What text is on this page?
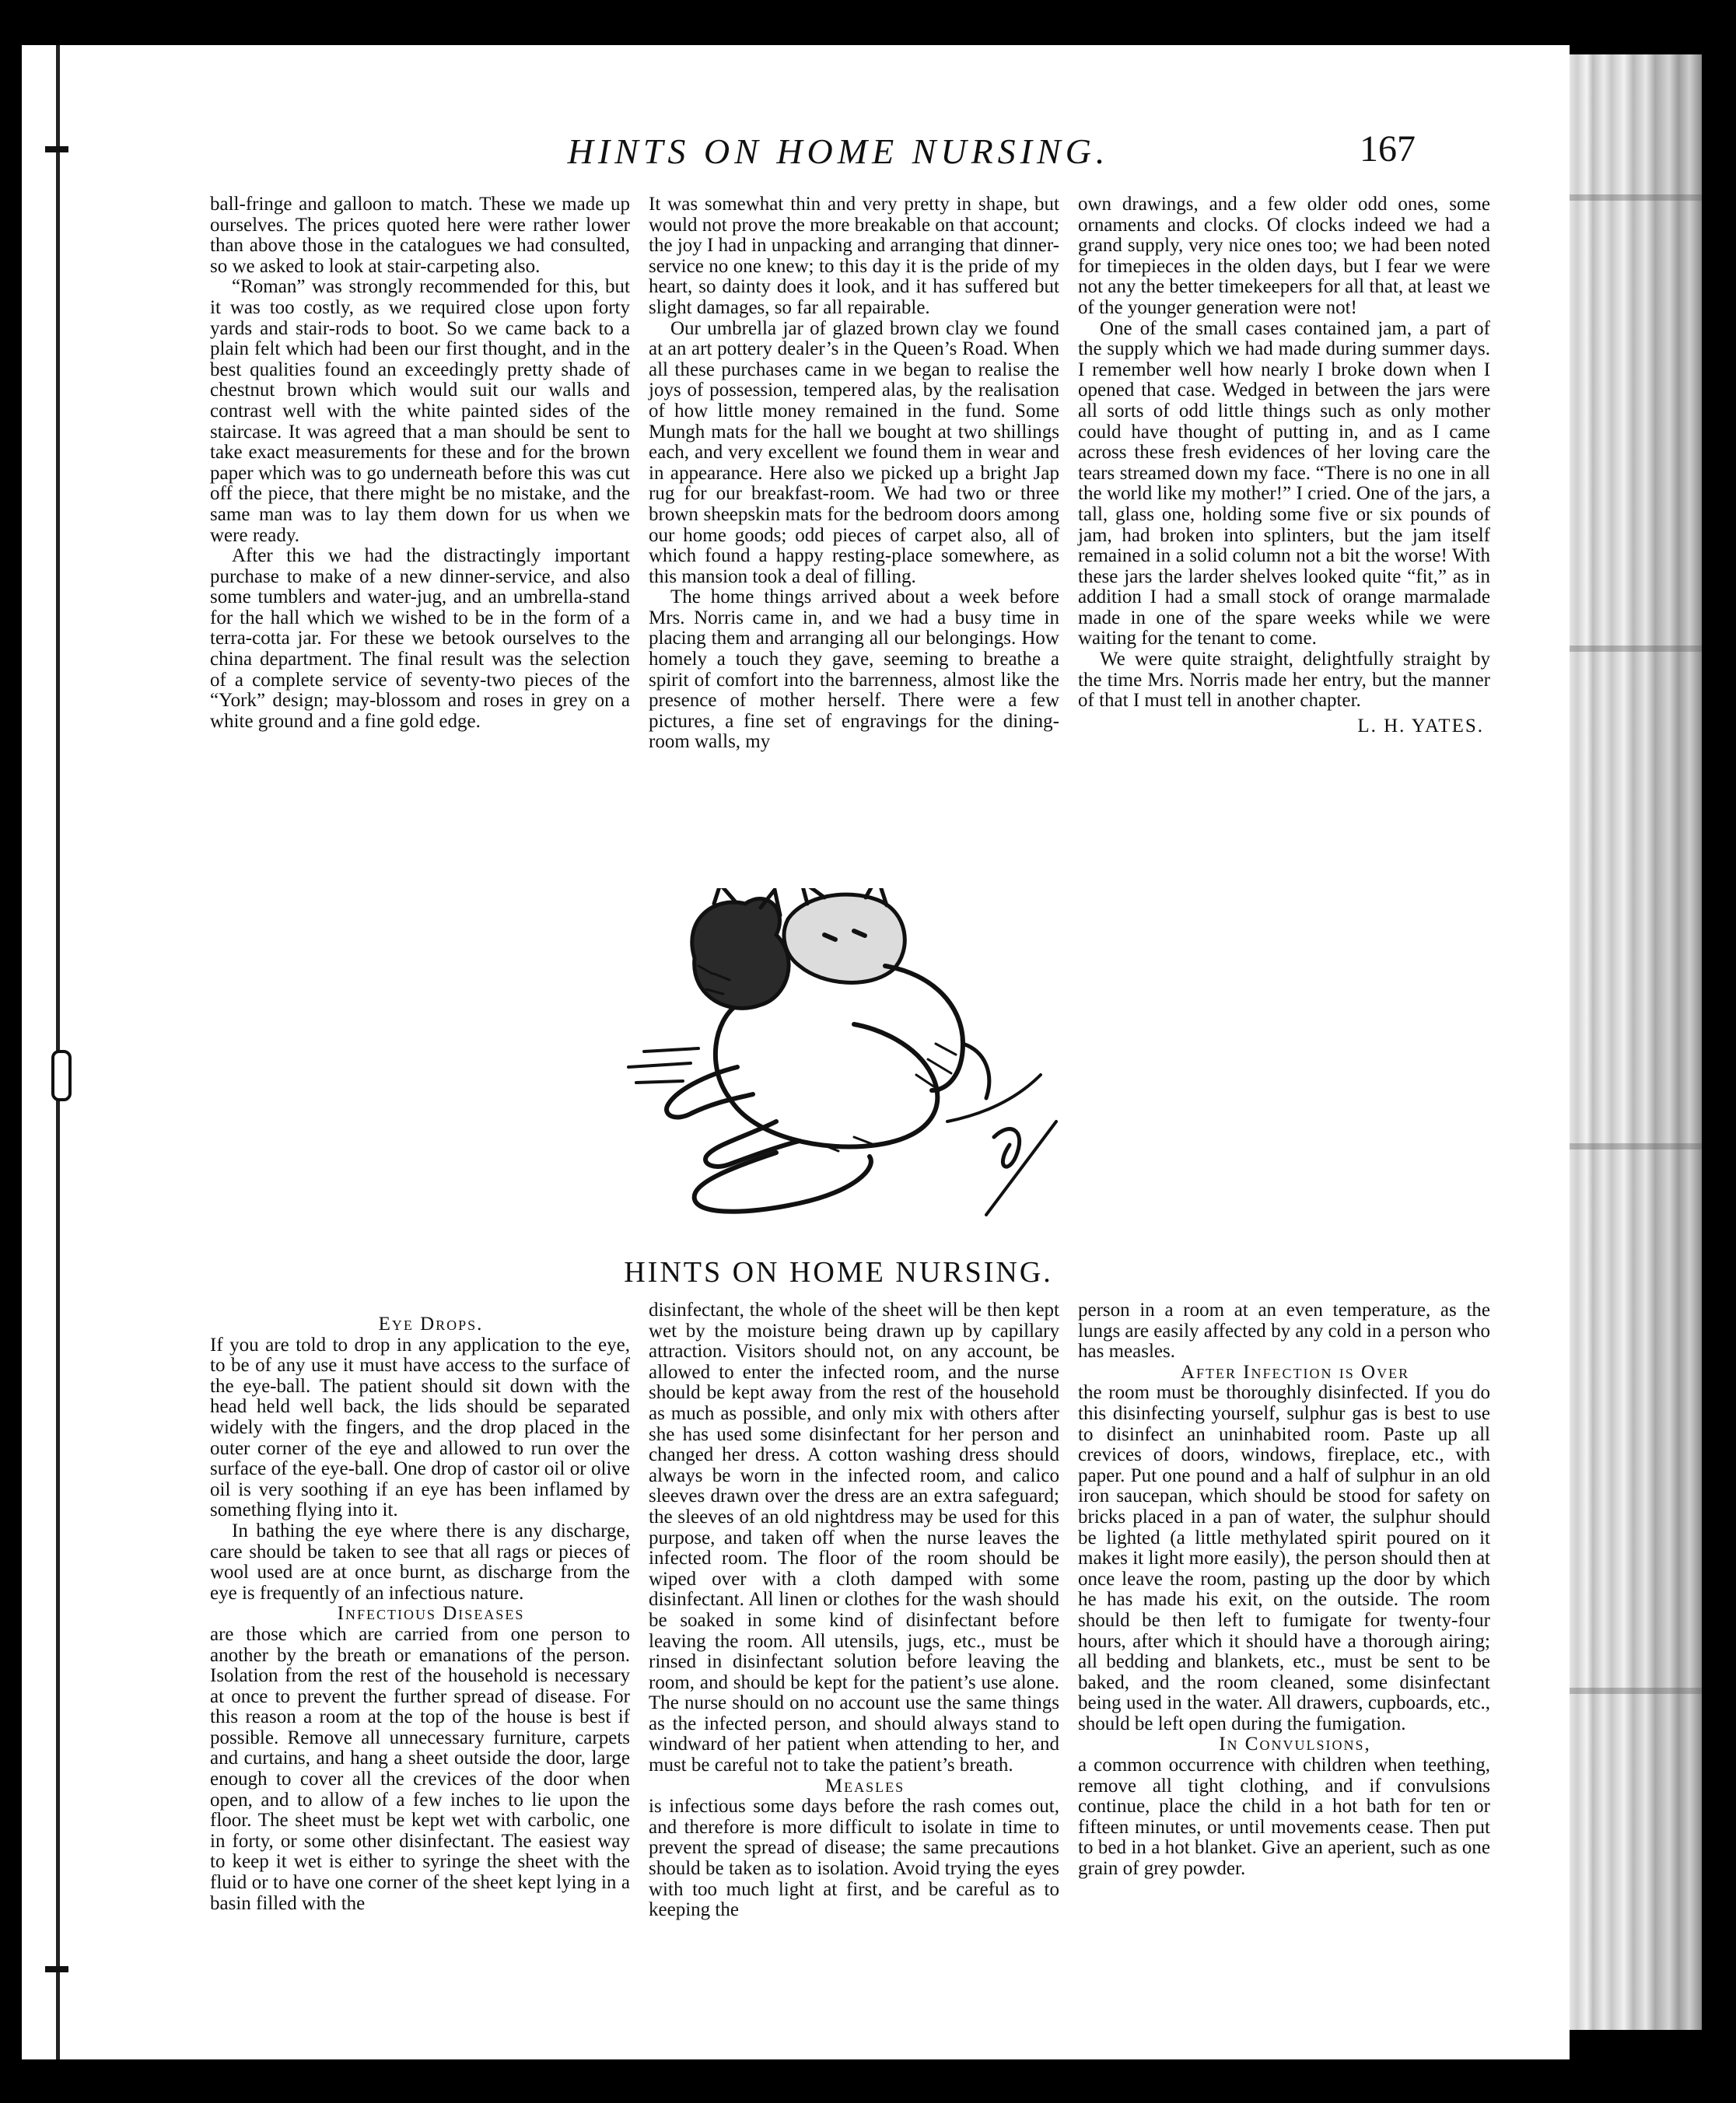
HINTS ON HOME NURSING.	167

ball-fringe and galloon to match. These we made up ourselves. The prices quoted here were rather lower than above those in the catalogues we had consulted, so we asked to look at stair-carpeting also.

“Roman” was strongly recommended for this, but it was too costly, as we required close upon forty yards and stair-rods to boot. So we came back to a plain felt which had been our first thought, and in the best qualities found an exceedingly pretty shade of chestnut brown which would suit our walls and contrast well with the white painted sides of the staircase. It was agreed that a man should be sent to take exact measurements for these and for the brown paper which was to go underneath before this was cut off the piece, that there might be no mistake, and the same man was to lay them down for us when we were ready.

After this we had the distractingly important purchase to make of a new dinner-service, and also some tumblers and water-jug, and an umbrella-stand for the hall which we wished to be in the form of a terra-cotta jar. For these we betook ourselves to the china department. The final result was the selection of a complete service of seventy-two pieces of the “York” design; may-blossom and roses in grey on a white ground and a fine gold edge.

It was somewhat thin and very pretty in shape, but would not prove the more breakable on that account; the joy I had in unpacking and arranging that dinner-service no one knew; to this day it is the pride of my heart, so dainty does it look, and it has suffered but slight damages, so far all repairable.

Our umbrella jar of glazed brown clay we found at an art pottery dealer’s in the Queen’s Road. When all these purchases came in we began to realise the joys of possession, tempered alas, by the realisation of how little money remained in the fund. Some Mungh mats for the hall we bought at two shillings each, and very excellent we found them in wear and in appearance. Here also we picked up a bright Jap rug for our breakfast-room. We had two or three brown sheepskin mats for the bedroom doors among our home goods; odd pieces of carpet also, all of which found a happy resting-place somewhere, as this mansion took a deal of filling.

The home things arrived about a week before Mrs. Norris came in, and we had a busy time in placing them and arranging all our belongings. How homely a touch they gave, seeming to breathe a spirit of comfort into the barrenness, almost like the presence of mother herself. There were a few pictures, a fine set of engravings for the dining-room walls, my

own drawings, and a few older odd ones, some ornaments and clocks. Of clocks indeed we had a grand supply, very nice ones too; we had been noted for timepieces in the olden days, but I fear we were not any the better timekeepers for all that, at least we of the younger generation were not!

One of the small cases contained jam, a part of the supply which we had made during summer days. I remember well how nearly I broke down when I opened that case. Wedged in between the jars were all sorts of odd little things such as only mother could have thought of putting in, and as I came across these fresh evidences of her loving care the tears streamed down my face. “There is no one in all the world like my mother!” I cried. One of the jars, a tall, glass one, holding some five or six pounds of jam, had broken into splinters, but the jam itself remained in a solid column not a bit the worse! With these jars the larder shelves looked quite “fit,” as in addition I had a small stock of orange marmalade made in one of the spare weeks while we were waiting for the tenant to come.

We were quite straight, delightfully straight by the time Mrs. Norris made her entry, but the manner of that I must tell in another chapter.

L. H. YATES.

HINTS ON HOME NURSING.

Eye Drops.

If you are told to drop in any application to the eye, to be of any use it must have access to the surface of the eye-ball. The patient should sit down with the head held well back, the lids should be separated widely with the fingers, and the drop placed in the outer corner of the eye and allowed to run over the surface of the eye-ball. One drop of castor oil or olive oil is very soothing if an eye has been inflamed by something flying into it.

In bathing the eye where there is any discharge, care should be taken to see that all rags or pieces of wool used are at once burnt, as discharge from the eye is frequently of an infectious nature.

Infectious Diseases

are those which are carried from one person to another by the breath or emanations of the person. Isolation from the rest of the household is necessary at once to prevent the further spread of disease. For this reason a room at the top of the house is best if possible. Remove all unnecessary furniture, carpets and curtains, and hang a sheet outside the door, large enough to cover all the crevices of the door when open, and to allow of a few inches to lie upon the floor. The sheet must be kept wet with carbolic, one in forty, or some other disinfectant. The easiest way to keep it wet is either to syringe the sheet with the fluid or to have one corner of the sheet kept lying in a basin filled with the

disinfectant, the whole of the sheet will be then kept wet by the moisture being drawn up by capillary attraction. Visitors should not, on any account, be allowed to enter the infected room, and the nurse should be kept away from the rest of the household as much as possible, and only mix with others after she has used some disinfectant for her person and changed her dress. A cotton washing dress should always be worn in the infected room, and calico sleeves drawn over the dress are an extra safeguard; the sleeves of an old nightdress may be used for this purpose, and taken off when the nurse leaves the infected room. The floor of the room should be wiped over with a cloth damped with some disinfectant. All linen or clothes for the wash should be soaked in some kind of disinfectant before leaving the room. All utensils, jugs, etc., must be rinsed in disinfectant solution before leaving the room, and should be kept for the patient’s use alone. The nurse should on no account use the same things as the infected person, and should always stand to windward of her patient when attending to her, and must be careful not to take the patient’s breath.

Measles

is infectious some days before the rash comes out, and therefore is more difficult to isolate in time to prevent the spread of disease; the same precautions should be taken as to isolation. Avoid trying the eyes with too much light at first, and be careful as to keeping the

person in a room at an even temperature, as the lungs are easily affected by any cold in a person who has measles.

After Infection is Over

the room must be thoroughly disinfected. If you do this disinfecting yourself, sulphur gas is best to use to disinfect an uninhabited room. Paste up all crevices of doors, windows, fireplace, etc., with paper. Put one pound and a half of sulphur in an old iron saucepan, which should be stood for safety on bricks placed in a pan of water, the sulphur should be lighted (a little methylated spirit poured on it makes it light more easily), the person should then at once leave the room, pasting up the door by which he has made his exit, on the outside. The room should be then left to fumigate for twenty-four hours, after which it should have a thorough airing; all bedding and blankets, etc., must be sent to be baked, and the room cleaned, some disinfectant being used in the water. All drawers, cupboards, etc., should be left open during the fumigation.

In Convulsions,

a common occurrence with children when teething, remove all tight clothing, and if convulsions continue, place the child in a hot bath for ten or fifteen minutes, or until movements cease. Then put to bed in a hot blanket. Give an aperient, such as one grain of grey powder.
